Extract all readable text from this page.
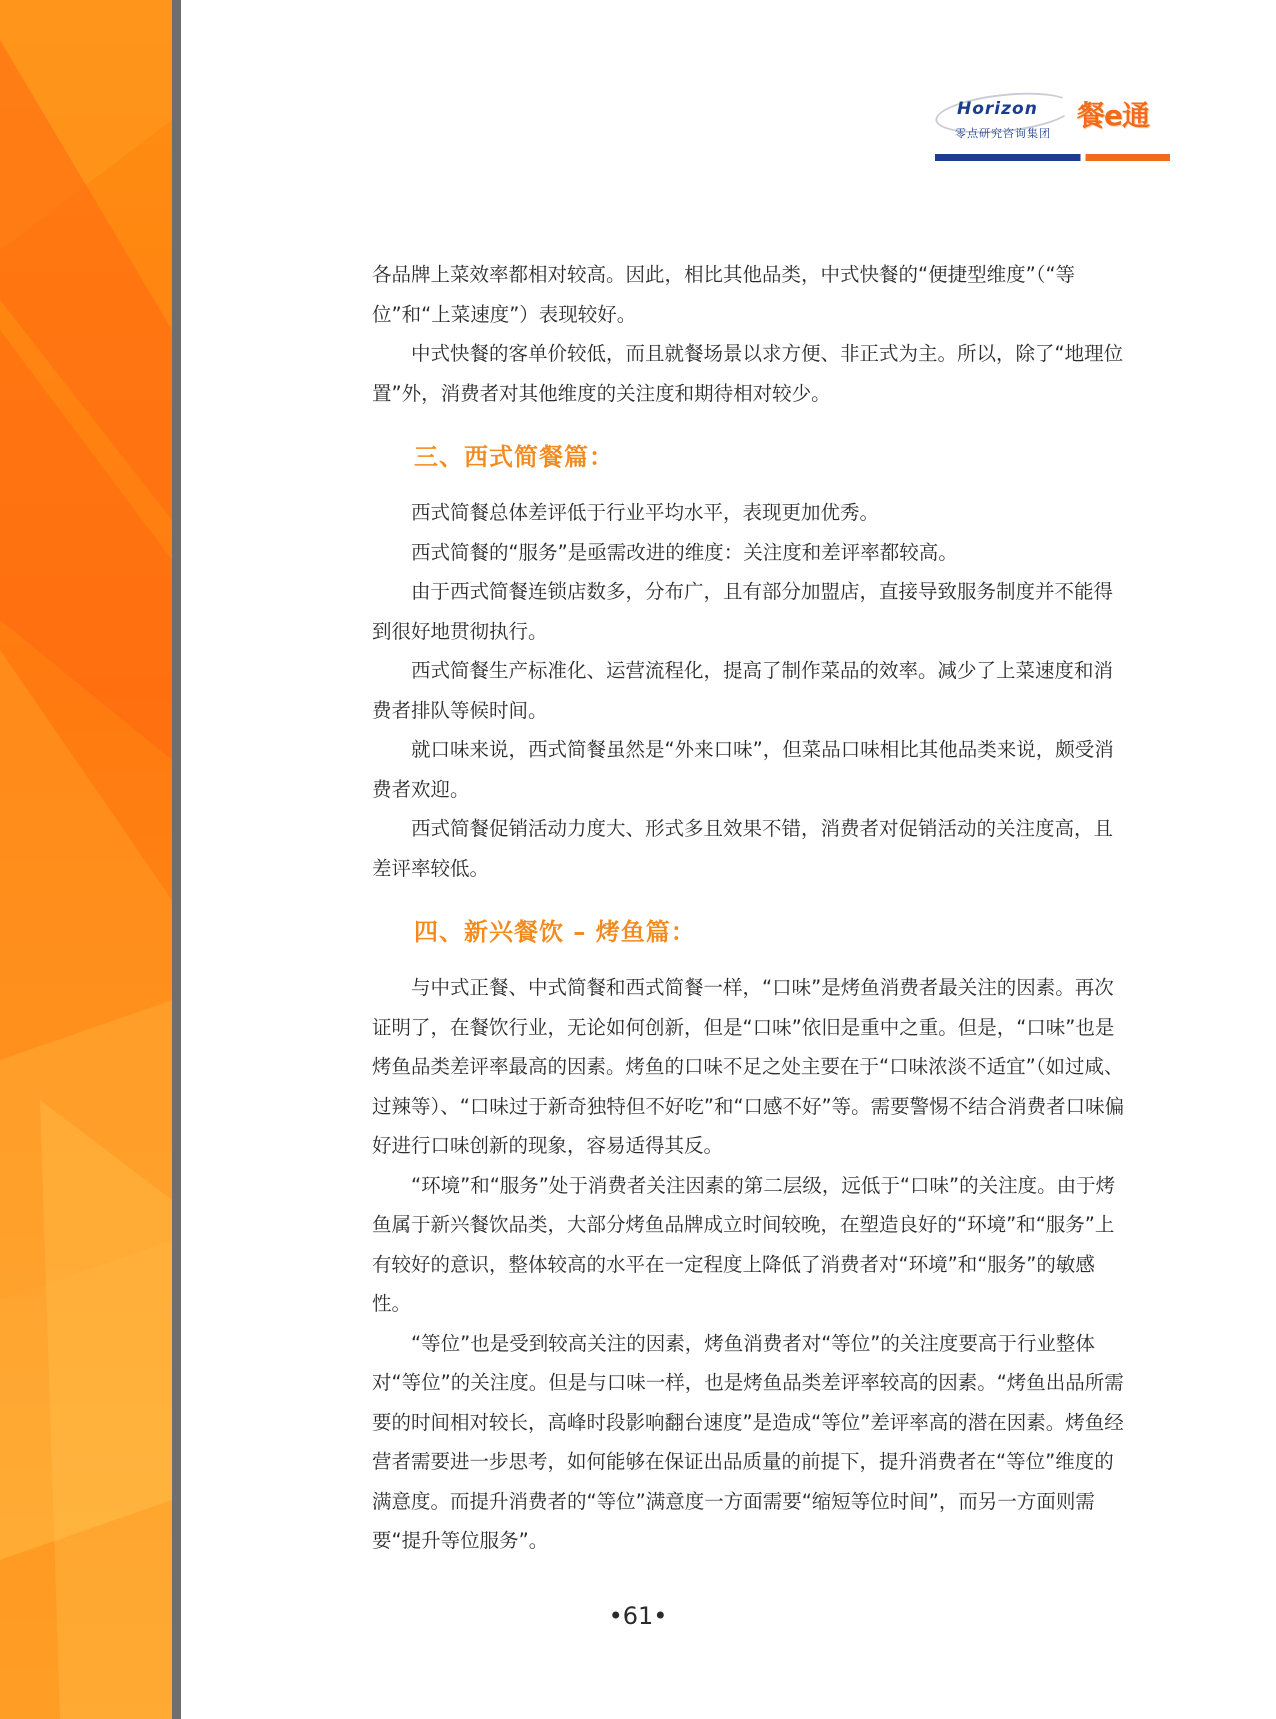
Horizon
零点研究咨询集团
餐e通

各品牌上菜效率都相对较高。因此，相比其他品类，中式快餐的“便捷型维度”（“等位”和“上菜速度”）表现较好。

中式快餐的客单价较低，而且就餐场景以求方便、非正式为主。所以，除了“地理位置”外，消费者对其他维度的关注度和期待相对较少。

三、西式简餐篇：

西式简餐总体差评低于行业平均水平，表现更加优秀。

西式简餐的“服务”是亟需改进的维度：关注度和差评率都较高。

由于西式简餐连锁店数多，分布广，且有部分加盟店，直接导致服务制度并不能得到很好地贯彻执行。

西式简餐生产标准化、运营流程化，提高了制作菜品的效率。减少了上菜速度和消费者排队等候时间。

就口味来说，西式简餐虽然是“外来口味”，但菜品口味相比其他品类来说，颇受消费者欢迎。

西式简餐促销活动力度大、形式多且效果不错，消费者对促销活动的关注度高，且差评率较低。

四、新兴餐饮 – 烤鱼篇：

与中式正餐、中式简餐和西式简餐一样，“口味”是烤鱼消费者最关注的因素。再次证明了，在餐饮行业，无论如何创新，但是“口味”依旧是重中之重。但是，“口味”也是烤鱼品类差评率最高的因素。烤鱼的口味不足之处主要在于“口味浓淡不适宜”（如过咸、过辣等）、“口味过于新奇独特但不好吃”和“口感不好”等。需要警惕不结合消费者口味偏好进行口味创新的现象，容易适得其反。

“环境”和“服务”处于消费者关注因素的第二层级，远低于“口味”的关注度。由于烤鱼属于新兴餐饮品类，大部分烤鱼品牌成立时间较晚，在塑造良好的“环境”和“服务”上有较好的意识，整体较高的水平在一定程度上降低了消费者对“环境”和“服务”的敏感性。

“等位”也是受到较高关注的因素，烤鱼消费者对“等位”的关注度要高于行业整体对“等位”的关注度。但是与口味一样，也是烤鱼品类差评率较高的因素。“烤鱼出品所需要的时间相对较长，高峰时段影响翻台速度”是造成“等位”差评率高的潜在因素。烤鱼经营者需要进一步思考，如何能够在保证出品质量的前提下，提升消费者在“等位”维度的满意度。而提升消费者的“等位”满意度一方面需要“缩短等位时间”，而另一方面则需要“提升等位服务”。

•61•
